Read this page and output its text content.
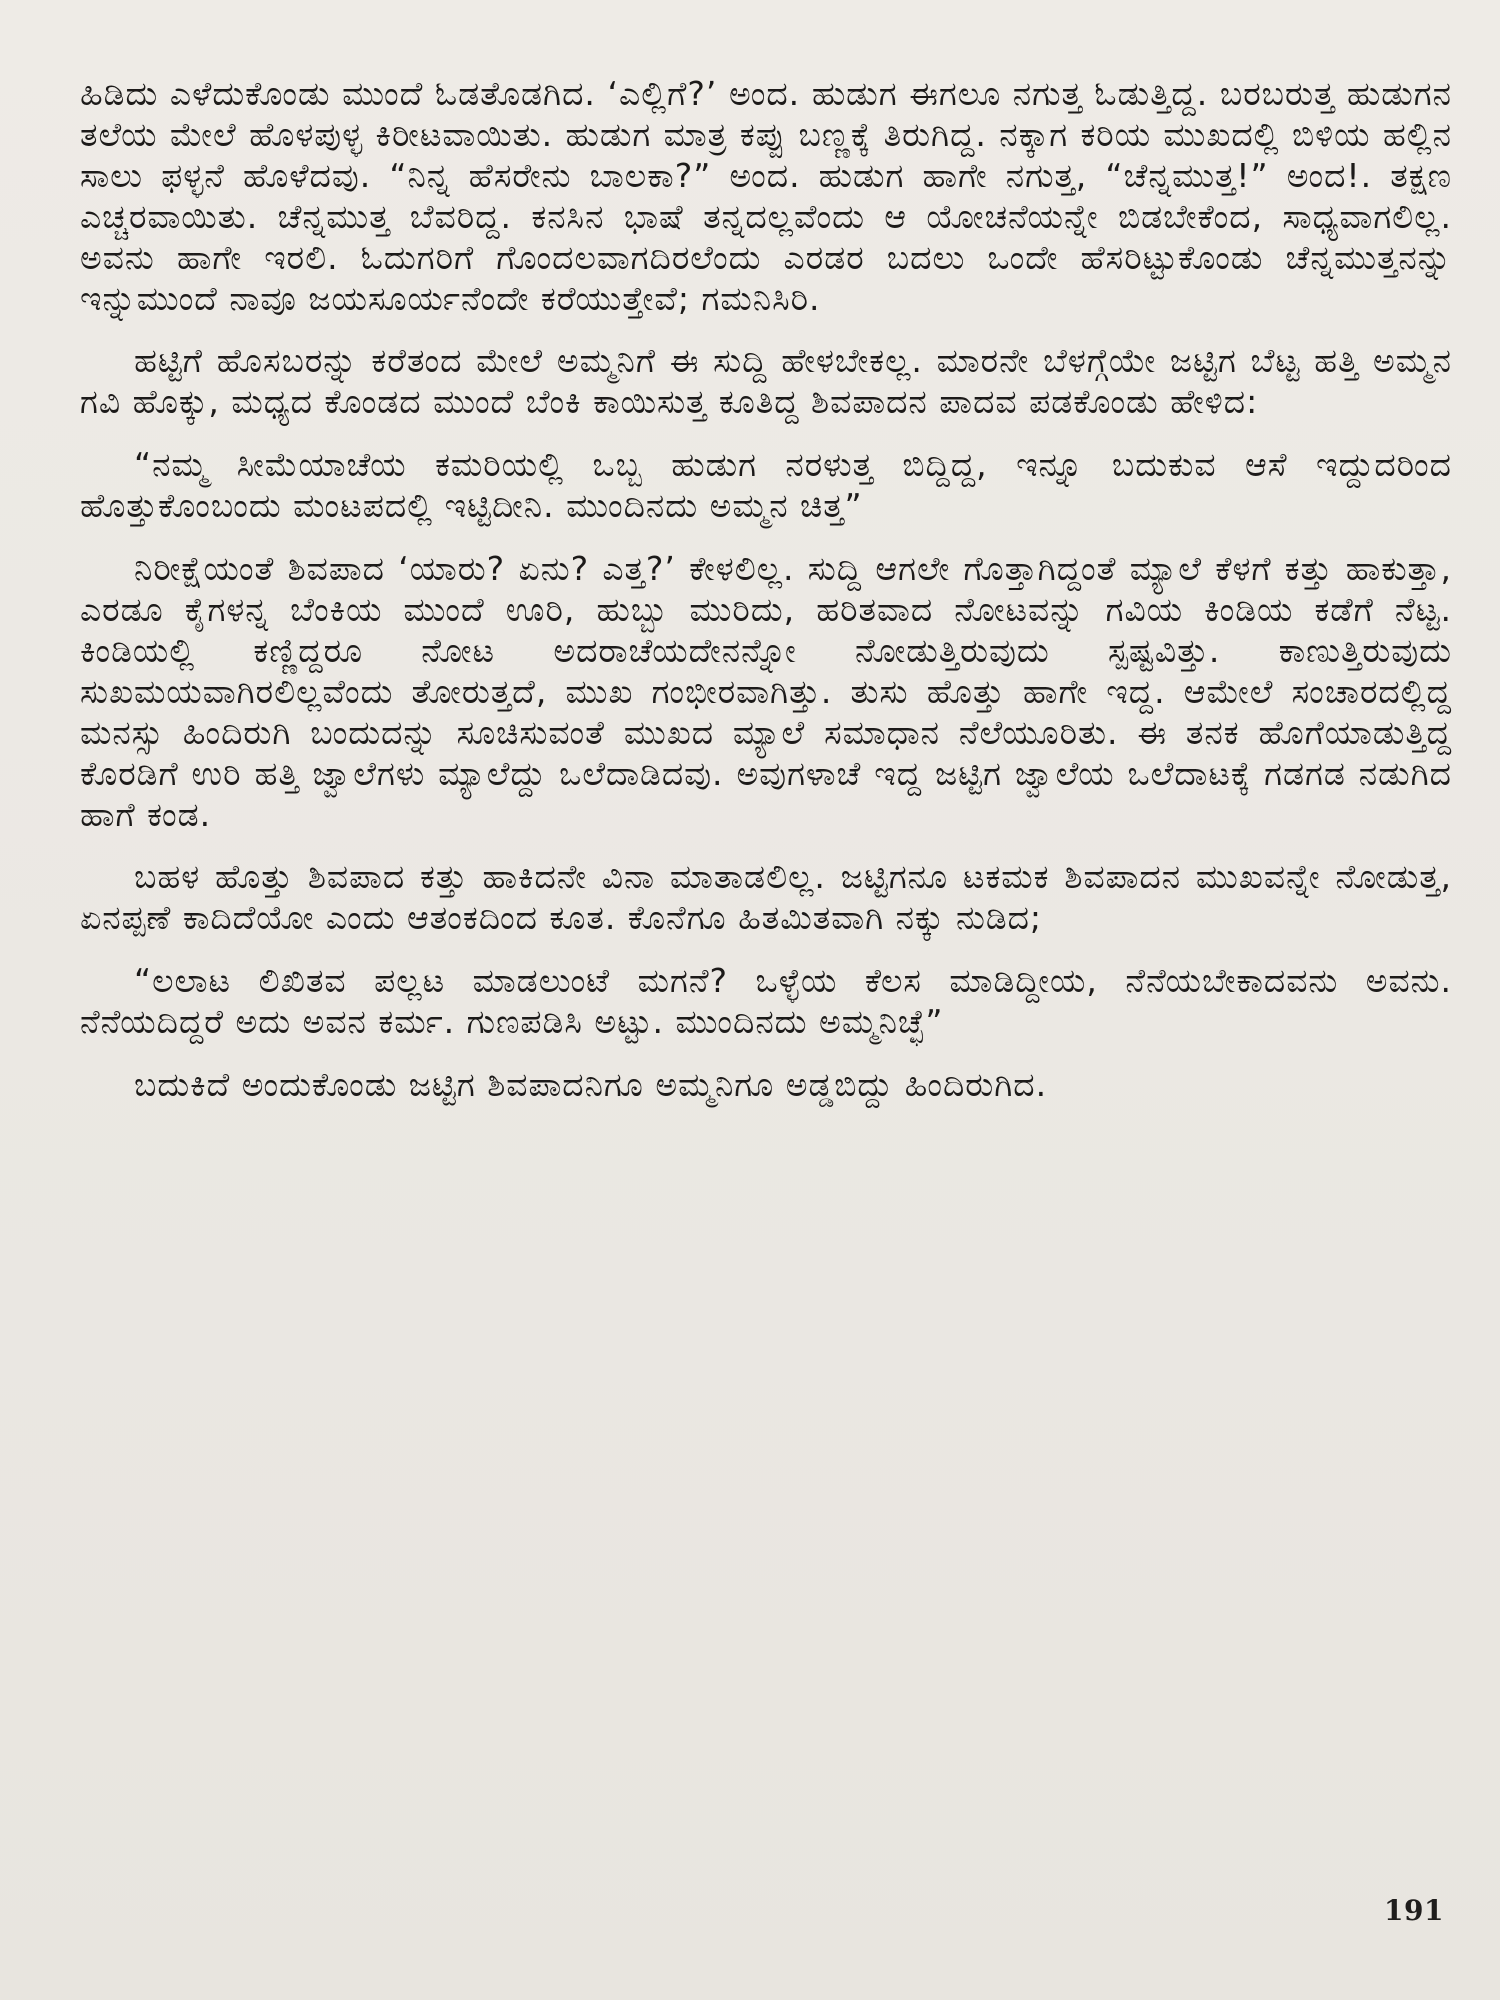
ಹಿಡಿದು ಎಳೆದುಕೊಂಡು ಮುಂದೆ ಓಡತೊಡಗಿದ. ‘ಎಲ್ಲಿಗೆ?’ ಅಂದ. ಹುಡುಗ ಈಗಲೂ ನಗುತ್ತ ಓಡುತ್ತಿದ್ದ. ಬರಬರುತ್ತ ಹುಡುಗನ ತಲೆಯ ಮೇಲೆ ಹೊಳಪುಳ್ಳ ಕಿರೀಟವಾಯಿತು. ಹುಡುಗ ಮಾತ್ರ ಕಪ್ಪು ಬಣ್ಣಕ್ಕೆ ತಿರುಗಿದ್ದ. ನಕ್ಕಾಗ ಕರಿಯ ಮುಖದಲ್ಲಿ ಬಿಳಿಯ ಹಲ್ಲಿನ ಸಾಲು ಫಳ್ಳನೆ ಹೊಳೆದವು. “ನಿನ್ನ ಹೆಸರೇನು ಬಾಲಕಾ?” ಅಂದ. ಹುಡುಗ ಹಾಗೇ ನಗುತ್ತ, “ಚೆನ್ನಮುತ್ತ!” ಅಂದ!. ತಕ್ಷಣ ಎಚ್ಚರವಾಯಿತು. ಚೆನ್ನಮುತ್ತ ಬೆವರಿದ್ದ. ಕನಸಿನ ಭಾಷೆ ತನ್ನದಲ್ಲವೆಂದು ಆ ಯೋಚನೆಯನ್ನೇ ಬಿಡಬೇಕೆಂದ, ಸಾಧ್ಯವಾಗಲಿಲ್ಲ. ಅವನು ಹಾಗೇ ಇರಲಿ. ಓದುಗರಿಗೆ ಗೊಂದಲವಾಗದಿರಲೆಂದು ಎರಡರ ಬದಲು ಒಂದೇ ಹೆಸರಿಟ್ಟುಕೊಂಡು ಚೆನ್ನಮುತ್ತನನ್ನು ಇನ್ನುಮುಂದೆ ನಾವೂ ಜಯಸೂರ್ಯನೆಂದೇ ಕರೆಯುತ್ತೇವೆ; ಗಮನಿಸಿರಿ.

ಹಟ್ಟಿಗೆ ಹೊಸಬರನ್ನು ಕರೆತಂದ ಮೇಲೆ ಅಮ್ಮನಿಗೆ ಈ ಸುದ್ದಿ ಹೇಳಬೇಕಲ್ಲ. ಮಾರನೇ ಬೆಳಗ್ಗೆಯೇ ಜಟ್ಟಿಗ ಬೆಟ್ಟ ಹತ್ತಿ ಅಮ್ಮನ ಗವಿ ಹೊಕ್ಕು, ಮಧ್ಯದ ಕೊಂಡದ ಮುಂದೆ ಬೆಂಕಿ ಕಾಯಿಸುತ್ತ ಕೂತಿದ್ದ ಶಿವಪಾದನ ಪಾದವ ಪಡಕೊಂಡು ಹೇಳಿದ:

“ನಮ್ಮ ಸೀಮೆಯಾಚೆಯ ಕಮರಿಯಲ್ಲಿ ಒಬ್ಬ ಹುಡುಗ ನರಳುತ್ತ ಬಿದ್ದಿದ್ದ, ಇನ್ನೂ ಬದುಕುವ ಆಸೆ ಇದ್ದುದರಿಂದ ಹೊತ್ತುಕೊಂಬಂದು ಮಂಟಪದಲ್ಲಿ ಇಟ್ಟಿದೀನಿ. ಮುಂದಿನದು ಅಮ್ಮನ ಚಿತ್ತ”

ನಿರೀಕ್ಷೆಯಂತೆ ಶಿವಪಾದ ‘ಯಾರು? ಏನು? ಎತ್ತ?’ ಕೇಳಲಿಲ್ಲ. ಸುದ್ದಿ ಆಗಲೇ ಗೊತ್ತಾಗಿದ್ದಂತೆ ಮ್ಯಾಲೆ ಕೆಳಗೆ ಕತ್ತು ಹಾಕುತ್ತಾ, ಎರಡೂ ಕೈಗಳನ್ನ ಬೆಂಕಿಯ ಮುಂದೆ ಊರಿ, ಹುಬ್ಬು ಮುರಿದು, ಹರಿತವಾದ ನೋಟವನ್ನು ಗವಿಯ ಕಿಂಡಿಯ ಕಡೆಗೆ ನೆಟ್ಟ. ಕಿಂಡಿಯಲ್ಲಿ ಕಣ್ಣಿದ್ದರೂ ನೋಟ ಅದರಾಚೆಯದೇನನ್ನೋ ನೋಡುತ್ತಿರುವುದು ಸ್ಪಷ್ಟವಿತ್ತು. ಕಾಣುತ್ತಿರುವುದು ಸುಖಮಯವಾಗಿರಲಿಲ್ಲವೆಂದು ತೋರುತ್ತದೆ, ಮುಖ ಗಂಭೀರವಾಗಿತ್ತು. ತುಸು ಹೊತ್ತು ಹಾಗೇ ಇದ್ದ. ಆಮೇಲೆ ಸಂಚಾರದಲ್ಲಿದ್ದ ಮನಸ್ಸು ಹಿಂದಿರುಗಿ ಬಂದುದನ್ನು ಸೂಚಿಸುವಂತೆ ಮುಖದ ಮ್ಯಾಲೆ ಸಮಾಧಾನ ನೆಲೆಯೂರಿತು. ಈ ತನಕ ಹೊಗೆಯಾಡುತ್ತಿದ್ದ ಕೊರಡಿಗೆ ಉರಿ ಹತ್ತಿ ಜ್ವಾಲೆಗಳು ಮ್ಯಾಲೆದ್ದು ಒಲೆದಾಡಿದವು. ಅವುಗಳಾಚೆ ಇದ್ದ ಜಟ್ಟಿಗ ಜ್ವಾಲೆಯ ಒಲೆದಾಟಕ್ಕೆ ಗಡಗಡ ನಡುಗಿದ ಹಾಗೆ ಕಂಡ.

ಬಹಳ ಹೊತ್ತು ಶಿವಪಾದ ಕತ್ತು ಹಾಕಿದನೇ ವಿನಾ ಮಾತಾಡಲಿಲ್ಲ. ಜಟ್ಟಿಗನೂ ಟಕಮಕ ಶಿವಪಾದನ ಮುಖವನ್ನೇ ನೋಡುತ್ತ, ಏನಪ್ಪಣೆ ಕಾದಿದೆಯೋ ಎಂದು ಆತಂಕದಿಂದ ಕೂತ. ಕೊನೆಗೂ ಹಿತಮಿತವಾಗಿ ನಕ್ಕು ನುಡಿದ;

“ಲಲಾಟ ಲಿಖಿತವ ಪಲ್ಲಟ ಮಾಡಲುಂಟೆ ಮಗನೆ? ಒಳ್ಳೆಯ ಕೆಲಸ ಮಾಡಿದ್ದೀಯ, ನೆನೆಯಬೇಕಾದವನು ಅವನು. ನೆನೆಯದಿದ್ದರೆ ಅದು ಅವನ ಕರ್ಮ. ಗುಣಪಡಿಸಿ ಅಟ್ಟು. ಮುಂದಿನದು ಅಮ್ಮನಿಚ್ಛೆ”

ಬದುಕಿದೆ ಅಂದುಕೊಂಡು ಜಟ್ಟಿಗ ಶಿವಪಾದನಿಗೂ ಅಮ್ಮನಿಗೂ ಅಡ್ಡಬಿದ್ದು ಹಿಂದಿರುಗಿದ.

191
